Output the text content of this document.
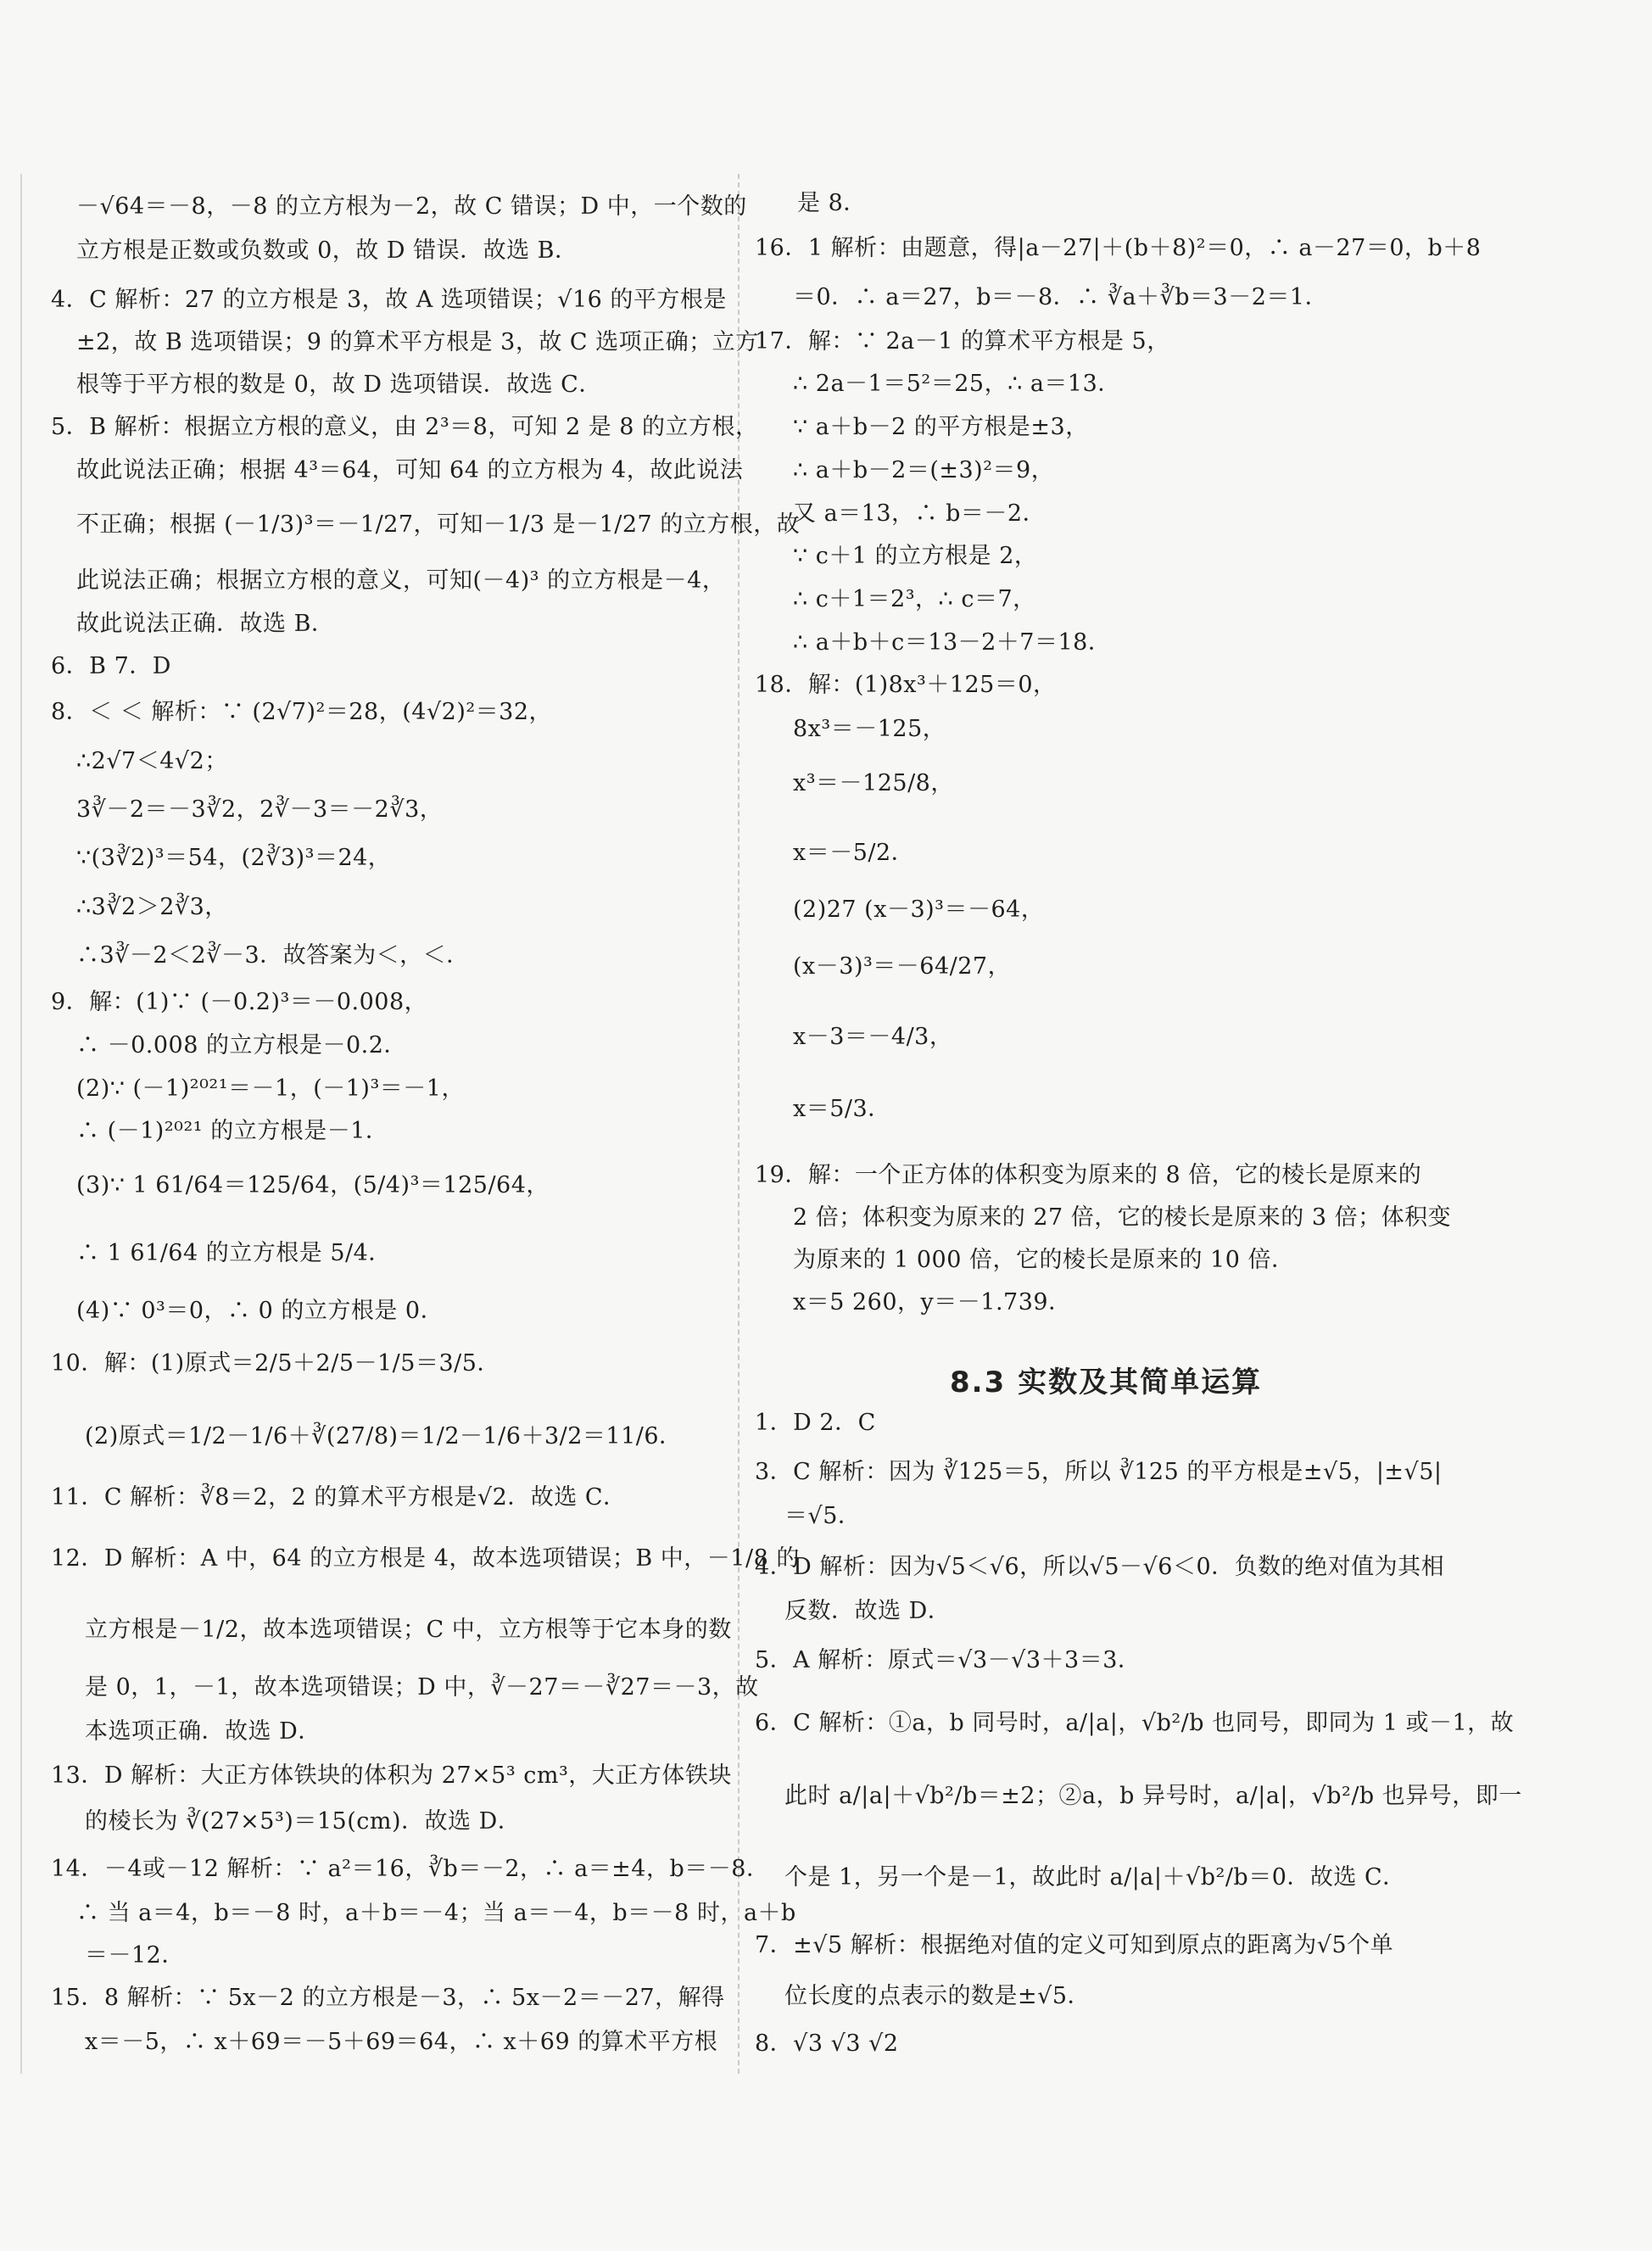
－√64＝－8，－8 的立方根为－2，故 C 错误；D 中，一个数的
立方根是正数或负数或 0，故 D 错误．故选 B．
4．C 解析：27 的立方根是 3，故 A 选项错误；√16 的平方根是
±2，故 B 选项错误；9 的算术平方根是 3，故 C 选项正确；立方
根等于平方根的数是 0，故 D 选项错误．故选 C．
5．B 解析：根据立方根的意义，由 2³＝8，可知 2 是 8 的立方根，
故此说法正确；根据 4³＝64，可知 64 的立方根为 4，故此说法
不正确；根据 (－1/3)³＝－1/27，可知－1/3 是－1/27 的立方根，故
此说法正确；根据立方根的意义，可知(－4)³ 的立方根是－4，
故此说法正确．故选 B．
6．B 7．D
8．＜ ＜ 解析：∵ (2√7)²＝28，(4√2)²＝32，
∴2√7＜4√2；
3∛－2＝－3∛2，2∛－3＝－2∛3，
∵(3∛2)³＝54，(2∛3)³＝24，
∴3∛2＞2∛3，
∴3∛－2＜2∛－3．故答案为＜，＜．
9．解：(1)∵ (－0.2)³＝－0.008，
∴ －0.008 的立方根是－0.2．
(2)∵ (－1)²⁰²¹＝－1，(－1)³＝－1，
∴ (－1)²⁰²¹ 的立方根是－1．
(3)∵ 1 61/64＝125/64，(5/4)³＝125/64，
∴ 1 61/64 的立方根是 5/4．
(4)∵ 0³＝0，∴ 0 的立方根是 0．
10．解：(1)原式＝2/5＋2/5－1/5＝3/5．
(2)原式＝1/2－1/6＋∛(27/8)＝1/2－1/6＋3/2＝11/6．
11．C 解析：∛8＝2，2 的算术平方根是√2．故选 C．
12．D 解析：A 中，64 的立方根是 4，故本选项错误；B 中，－1/8 的
立方根是－1/2，故本选项错误；C 中，立方根等于它本身的数
是 0，1，－1，故本选项错误；D 中，∛－27＝－∛27＝－3，故
本选项正确．故选 D．
13．D 解析：大正方体铁块的体积为 27×5³ cm³，大正方体铁块
的棱长为 ∛(27×5³)＝15(cm)．故选 D．
14．－4或－12 解析：∵ a²＝16，∛b＝－2，∴ a＝±4，b＝－8．
∴ 当 a＝4，b＝－8 时，a＋b＝－4；当 a＝－4，b＝－8 时，a＋b
＝－12．
15．8 解析：∵ 5x－2 的立方根是－3，∴ 5x－2＝－27，解得
x＝－5，∴ x＋69＝－5＋69＝64，∴ x＋69 的算术平方根
是 8．
16．1 解析：由题意，得|a－27|＋(b＋8)²＝0，∴ a－27＝0，b＋8
＝0．∴ a＝27，b＝－8．∴ ∛a＋∛b＝3－2＝1．
17．解：∵ 2a－1 的算术平方根是 5，
∴ 2a－1＝5²＝25，∴ a＝13．
∵ a＋b－2 的平方根是±3，
∴ a＋b－2＝(±3)²＝9，
又 a＝13，∴ b＝－2．
∵ c＋1 的立方根是 2，
∴ c＋1＝2³，∴ c＝7，
∴ a＋b＋c＝13－2＋7＝18．
18．解：(1)8x³＋125＝0，
8x³＝－125，
x³＝－125/8，
x＝－5/2．
(2)27 (x－3)³＝－64，
(x－3)³＝－64/27，
x－3＝－4/3，
x＝5/3．
19．解：一个正方体的体积变为原来的 8 倍，它的棱长是原来的
2 倍；体积变为原来的 27 倍，它的棱长是原来的 3 倍；体积变
为原来的 1 000 倍，它的棱长是原来的 10 倍．
x＝5 260，y＝－1.739．
1．D 2．C
3．C 解析：因为 ∛125＝5，所以 ∛125 的平方根是±√5，|±√5|
＝√5．
4．D 解析：因为√5＜√6，所以√5－√6＜0．负数的绝对值为其相
反数．故选 D．
5．A 解析：原式＝√3－√3＋3＝3．
6．C 解析：①a，b 同号时，a/|a|，√b²/b 也同号，即同为 1 或－1，故
此时 a/|a|＋√b²/b＝±2；②a，b 异号时，a/|a|，√b²/b 也异号，即一
个是 1，另一个是－1，故此时 a/|a|＋√b²/b＝0．故选 C．
7．±√5 解析：根据绝对值的定义可知到原点的距离为√5个单
位长度的点表示的数是±√5．
8．√3 √3 √2
8.3 实数及其简单运算
